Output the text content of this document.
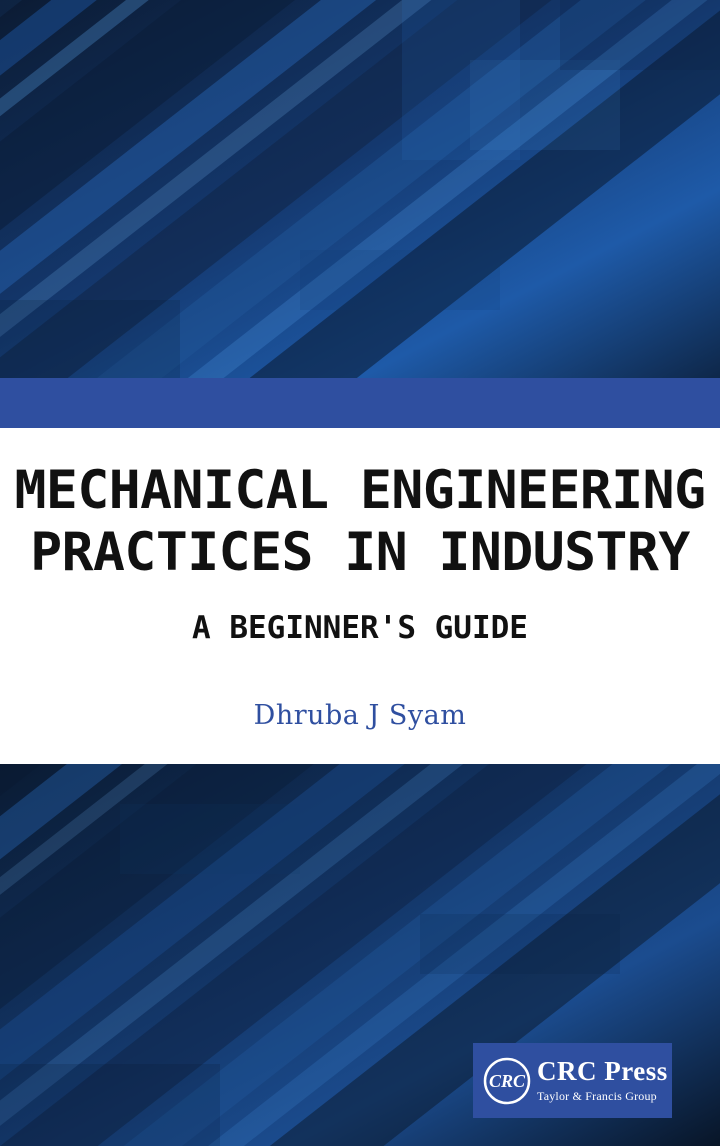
MECHANICAL ENGINEERING
PRACTICES IN INDUSTRY
A BEGINNER'S GUIDE
Dhruba J Syam
CRC CRC Press
Taylor & Francis Group
